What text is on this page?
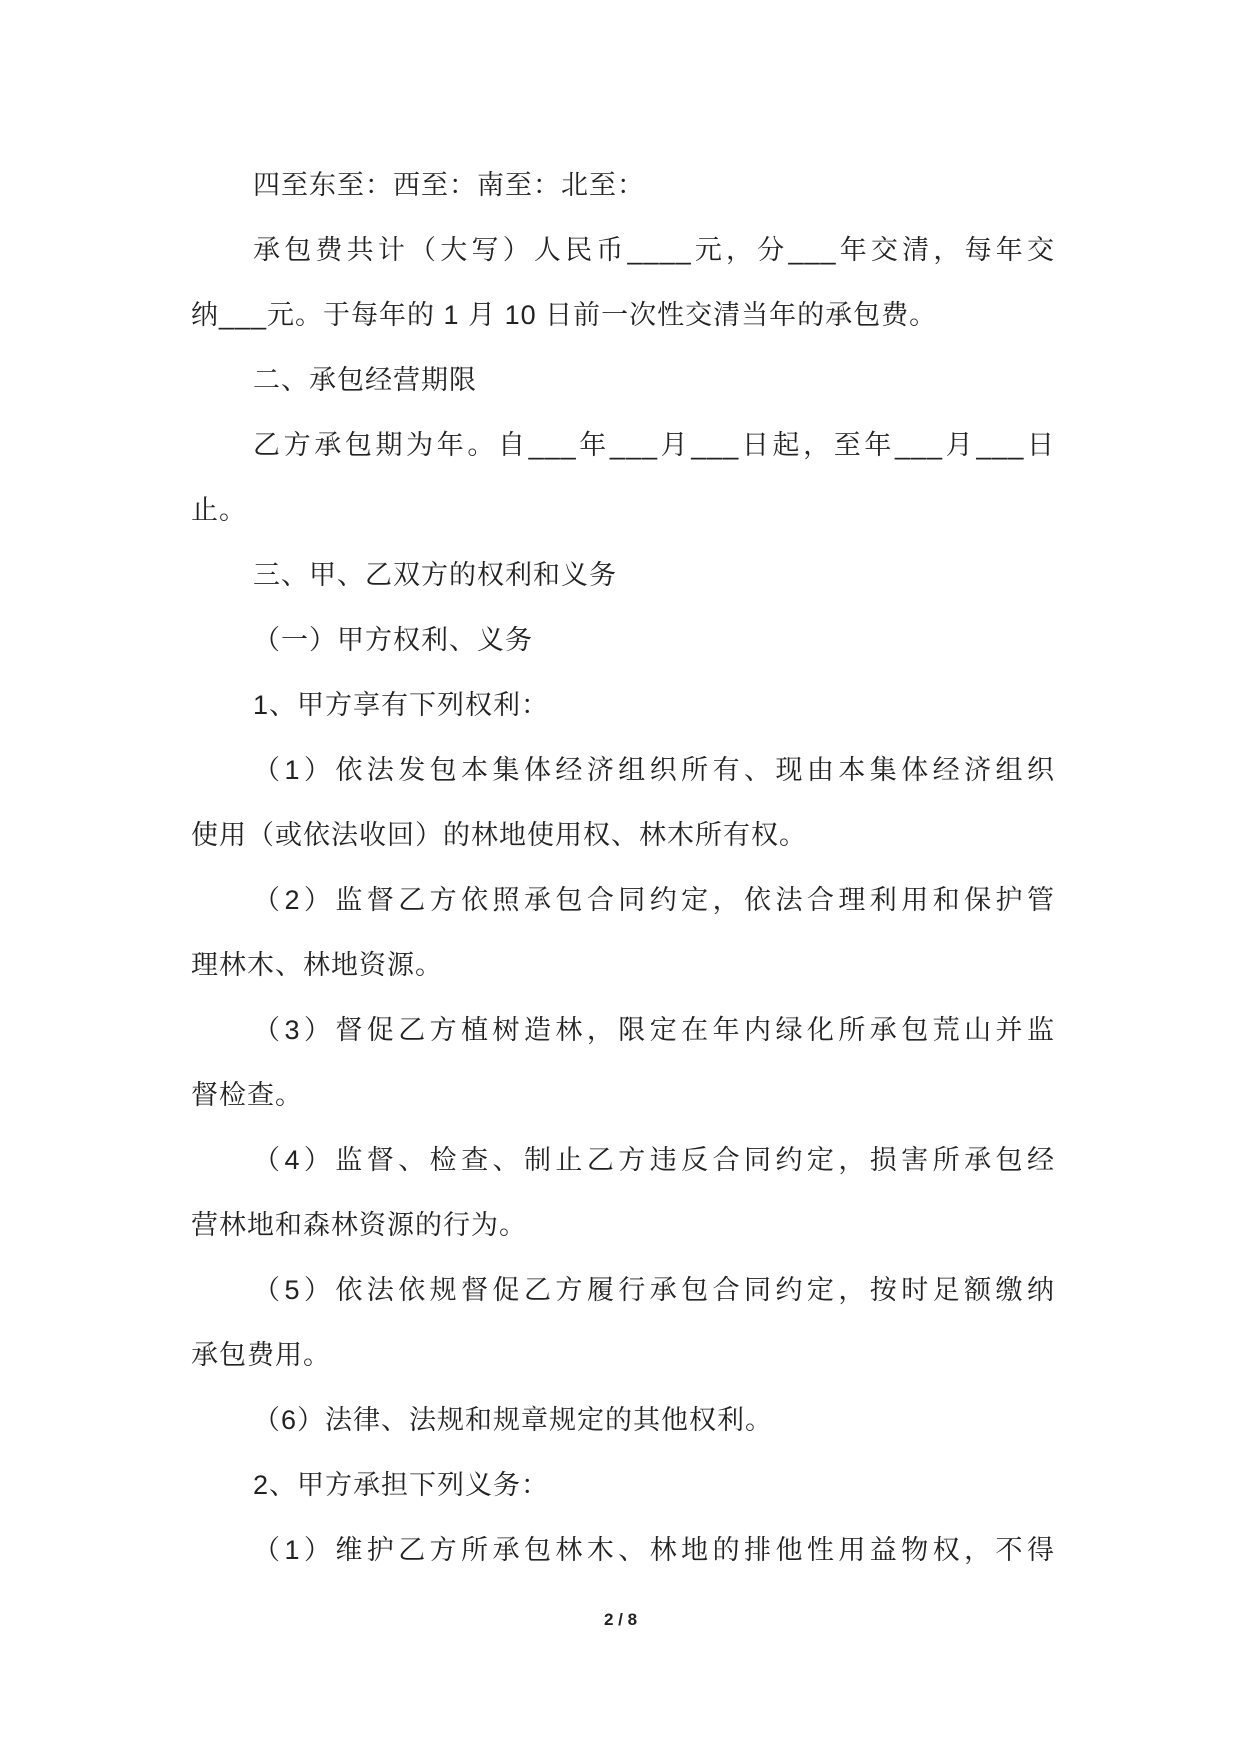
四至东至：西至：南至：北至：
承包费共计（大写）人民币____元，分___年交清，每年交
纳___元。于每年的 1 月 10 日前一次性交清当年的承包费。
二、承包经营期限
乙方承包期为年。自___年___月___日起，至年___月___日
止。
三、甲、乙双方的权利和义务
（一）甲方权利、义务
1、甲方享有下列权利：
（1）依法发包本集体经济组织所有、现由本集体经济组织
使用（或依法收回）的林地使用权、林木所有权。
（2）监督乙方依照承包合同约定，依法合理利用和保护管
理林木、林地资源。
（3）督促乙方植树造林，限定在年内绿化所承包荒山并监
督检查。
（4）监督、检查、制止乙方违反合同约定，损害所承包经
营林地和森林资源的行为。
（5）依法依规督促乙方履行承包合同约定，按时足额缴纳
承包费用。
（6）法律、法规和规章规定的其他权利。
2、甲方承担下列义务：
（1）维护乙方所承包林木、林地的排他性用益物权，不得
2 / 8
